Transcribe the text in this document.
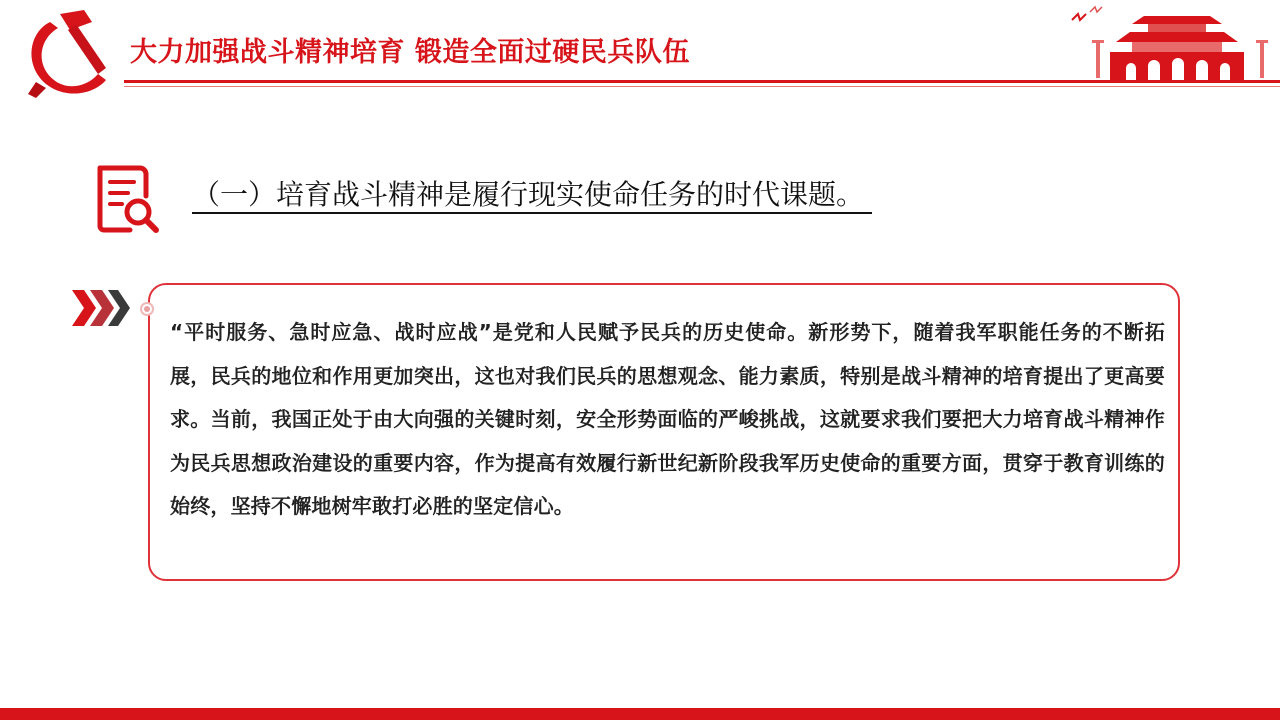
大力加强战斗精神培育 锻造全面过硬民兵队伍
（一）培育战斗精神是履行现实使命任务的时代课题。
“平时服务、急时应急、战时应战”是党和人民赋予民兵的历史使命。新形势下，随着我军职能任务的不断拓展，民兵的地位和作用更加突出，这也对我们民兵的思想观念、能力素质，特别是战斗精神的培育提出了更高要求。当前，我国正处于由大向强的关键时刻，安全形势面临的严峻挑战，这就要求我们要把大力培育战斗精神作为民兵思想政治建设的重要内容，作为提高有效履行新世纪新阶段我军历史使命的重要方面，贯穿于教育训练的始终，坚持不懈地树牢敢打必胜的坚定信心。
